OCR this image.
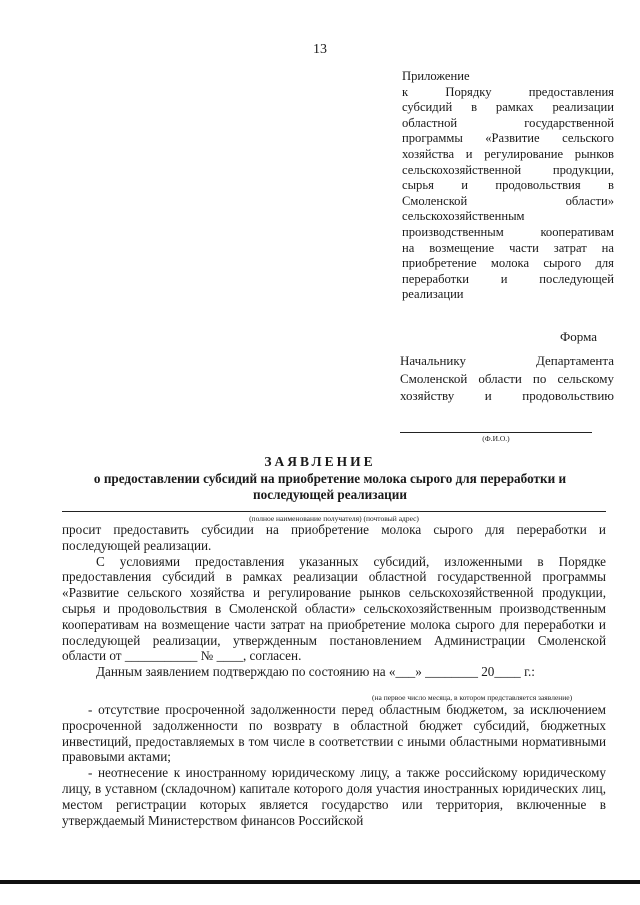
13
Приложение
к	Порядку	предоставления
субсидий в рамках реализации
областной	государственной
программы «Развитие сельского
хозяйства и регулирование рынков
сельскохозяйственной	продукции,
сырья и продовольствия в
Смоленской	области»
сельскохозяйственным
производственным	кооперативам
на возмещение части затрат на
приобретение молока сырого для
переработки	и	последующей
реализации
Форма
Начальнику	Департамента
Смоленской области по сельскому
хозяйству и продовольствию
(Ф.И.О.)
ЗАЯВЛЕНИЕ
о предоставлении субсидий на приобретение молока сырого для переработки и последующей реализации
(полное наименование получателя) (почтовый адрес)

просит предоставить субсидии на приобретение молока сырого для переработки и последующей реализации.

С условиями предоставления указанных субсидий, изложенными в Порядке предоставления субсидий в рамках реализации областной государственной программы «Развитие сельского хозяйства и регулирование рынков сельскохозяйственной продукции, сырья и продовольствия в Смоленской области» сельскохозяйственным производственным кооперативам на возмещение части затрат на приобретение молока сырого для переработки и последующей реализации, утвержденным постановлением Администрации Смоленской области от ___________ № ____, согласен.

Данным заявлением подтверждаю по состоянию на «___» ________ 20____ г.:

(на первое число месяца, в котором представляется заявление)

- отсутствие просроченной задолженности перед областным бюджетом, за исключением просроченной задолженности по возврату в областной бюджет субсидий, бюджетных инвестиций, предоставляемых в том числе в соответствии с иными областными нормативными правовыми актами;

- неотнесение к иностранному юридическому лицу, а также российскому юридическому лицу, в уставном (складочном) капитале которого доля участия иностранных юридических лиц, местом регистрации которых является государство или территория, включенные в утверждаемый Министерством финансов Российской
